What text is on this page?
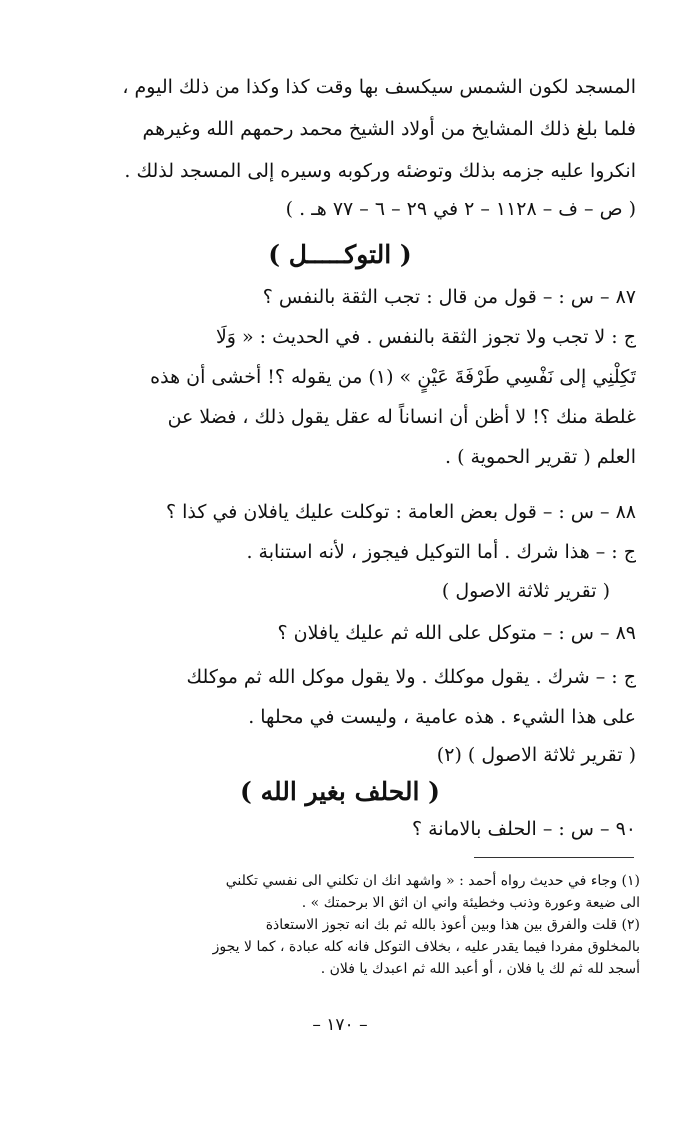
المسجد لكون الشمس سيكسف بها وقت كذا وكذا من ذلك اليوم ،
فلما بلغ ذلك المشايخ من أولاد الشيخ محمد رحمهم الله وغيرهم
انكروا عليه جزمه بذلك وتوضئه وركوبه وسيره إلى المسجد لذلك .
( ص – ف – ١١٢٨ – ٢ في ٢٩ – ٦ – ٧٧ هـ . )
( التوكـــــل )
٨٧ – س : – قول من قال : تجب الثقة بالنفس ؟
ج : لا تجب ولا تجوز الثقة بالنفس . في الحديث : « وَلَا
تَكِلْنِي إلى نَفْسِي طَرْفَةَ عَيْنٍ » (١) من يقوله ؟! أخشى أن هذه
غلطة منك ؟! لا أظن أن انساناً له عقل يقول ذلك ، فضلا عن
العلم ( تقرير الحموية ) .
٨٨ – س : – قول بعض العامة : توكلت عليك يافلان في كذا ؟
ج : – هذا شرك . أما التوكيل فيجوز ، لأنه استنابة .
( تقرير ثلاثة الاصول )
٨٩ – س : – متوكل على الله ثم عليك يافلان ؟
ج : – شرك . يقول موكلك . ولا يقول موكل الله ثم موكلك
على هذا الشيء . هذه عامية ، وليست في محلها .
( تقرير ثلاثة الاصول ) (٢)
( الحلف بغير الله )
٩٠ – س : – الحلف بالامانة ؟
(١) وجاء في حديث رواه أحمد : « واشهد انك ان تكلني الى نفسي تكلني
الى ضيعة وعورة وذنب وخطيئة واني ان اثق الا برحمتك » .
(٢) قلت والفرق بين هذا وبين أعوذ بالله ثم بك انه تجوز الاستعاذة
بالمخلوق مفردا فيما يقدر عليه ، بخلاف التوكل فانه كله عبادة ، كما لا يجوز
أسجد لله ثم لك يا فلان ، أو أعبد الله ثم اعبدك يا فلان .
– ١٧٠ –
